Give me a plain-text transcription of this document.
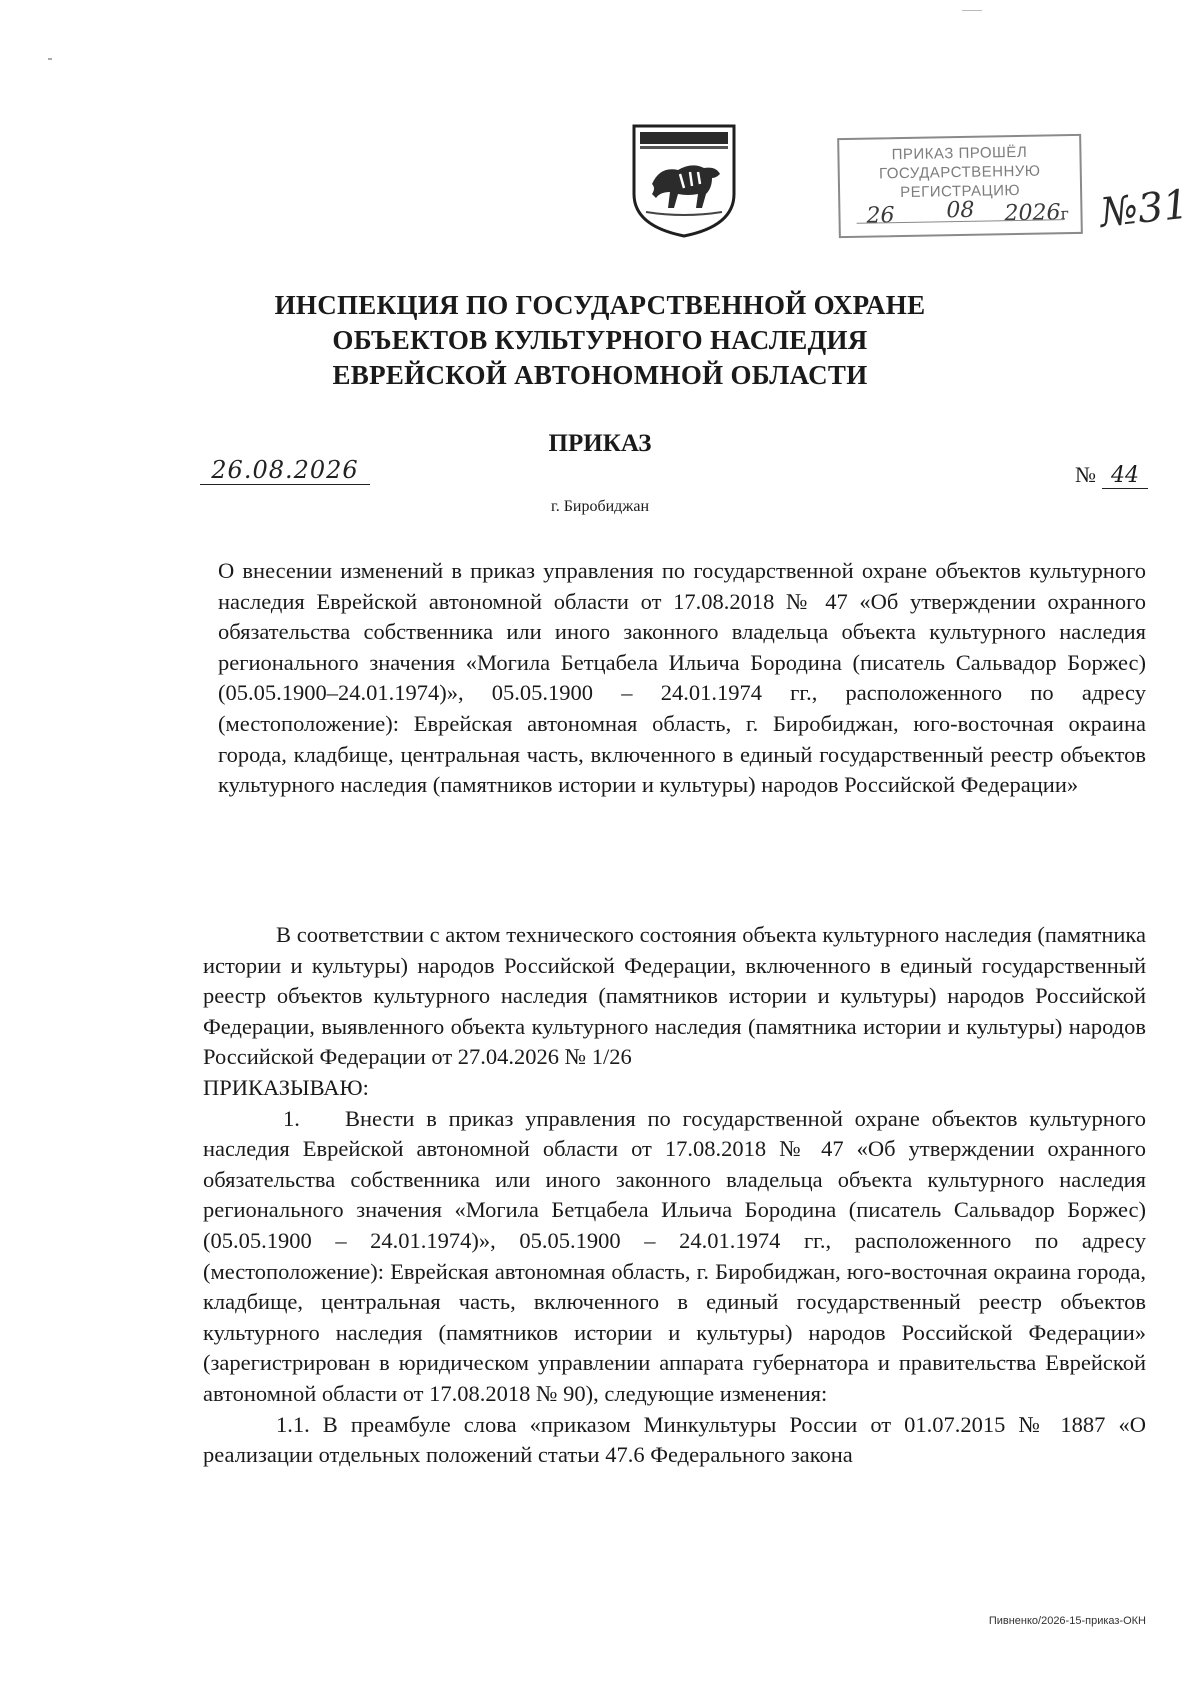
ПРИКАЗ ПРОШЁЛ
ГОСУДАРСТВЕННУЮ
РЕГИСТРАЦИЮ
26 08 2026г №31
ИНСПЕКЦИЯ ПО ГОСУДАРСТВЕННОЙ ОХРАНЕ
ОБЪЕКТОВ КУЛЬТУРНОГО НАСЛЕДИЯ
ЕВРЕЙСКОЙ АВТОНОМНОЙ ОБЛАСТИ
ПРИКАЗ
26.08.2026	№ 44
г. Биробиджан
О внесении изменений в приказ управления по государственной охране объектов культурного наследия Еврейской автономной области от 17.08.2018 № 47 «Об утверждении охранного обязательства собственника или иного законного владельца объекта культурного наследия регионального значения «Могила Бетцабела Ильича Бородина (писатель Сальвадор Боржес) (05.05.1900–24.01.1974)», 05.05.1900 – 24.01.1974 гг., расположенного по адресу (местоположение): Еврейская автономная область, г. Биробиджан, юго-восточная окраина города, кладбище, центральная часть, включенного в единый государственный реестр объектов культурного наследия (памятников истории и культуры) народов Российской Федерации»

В соответствии с актом технического состояния объекта культурного наследия (памятника истории и культуры) народов Российской Федерации, включенного в единый государственный реестр объектов культурного наследия (памятников истории и культуры) народов Российской Федерации, выявленного объекта культурного наследия (памятника истории и культуры) народов Российской Федерации от 27.04.2026 № 1/26

ПРИКАЗЫВАЮ:

1. Внести в приказ управления по государственной охране объектов культурного наследия Еврейской автономной области от 17.08.2018 № 47 «Об утверждении охранного обязательства собственника или иного законного владельца объекта культурного наследия регионального значения «Могила Бетцабела Ильича Бородина (писатель Сальвадор Боржес) (05.05.1900 – 24.01.1974)», 05.05.1900 – 24.01.1974 гг., расположенного по адресу (местоположение): Еврейская автономная область, г. Биробиджан, юго-восточная окраина города, кладбище, центральная часть, включенного в единый государственный реестр объектов культурного наследия (памятников истории и культуры) народов Российской Федерации» (зарегистрирован в юридическом управлении аппарата губернатора и правительства Еврейской автономной области от 17.08.2018 № 90), следующие изменения:

1.1. В преамбуле слова «приказом Минкультуры России от 01.07.2015 № 1887 «О реализации отдельных положений статьи 47.6 Федерального закона

Пивненко/2026-15-приказ-ОКН
